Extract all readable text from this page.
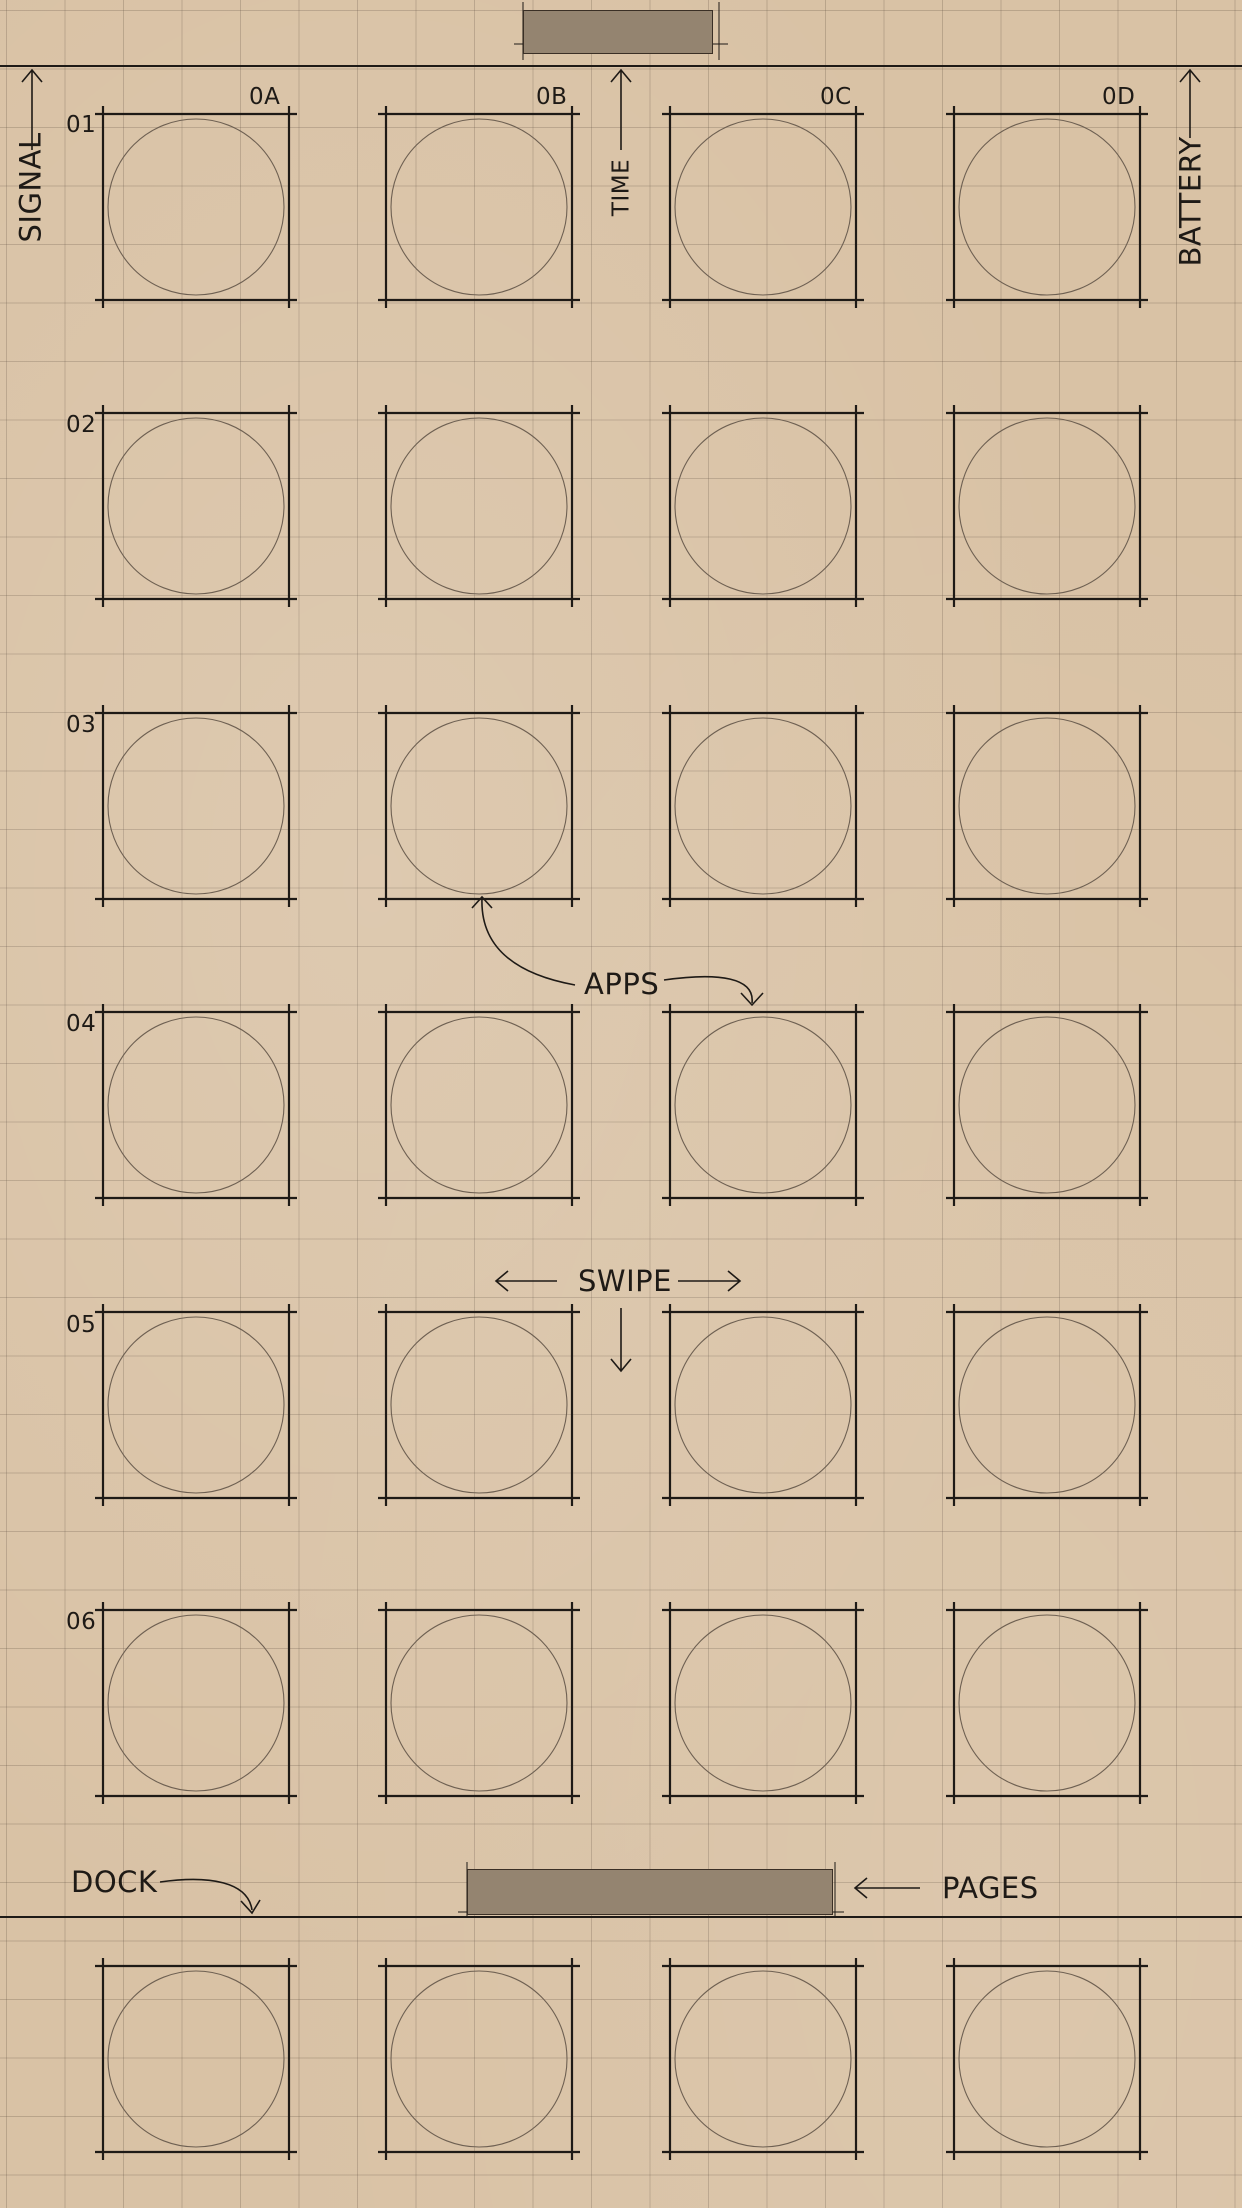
SIGNAL	TIME	BATTERY
0A	0B	0C	0D
01
02
03
04
05
06
APPS
SWIPE
DOCK	PAGES
